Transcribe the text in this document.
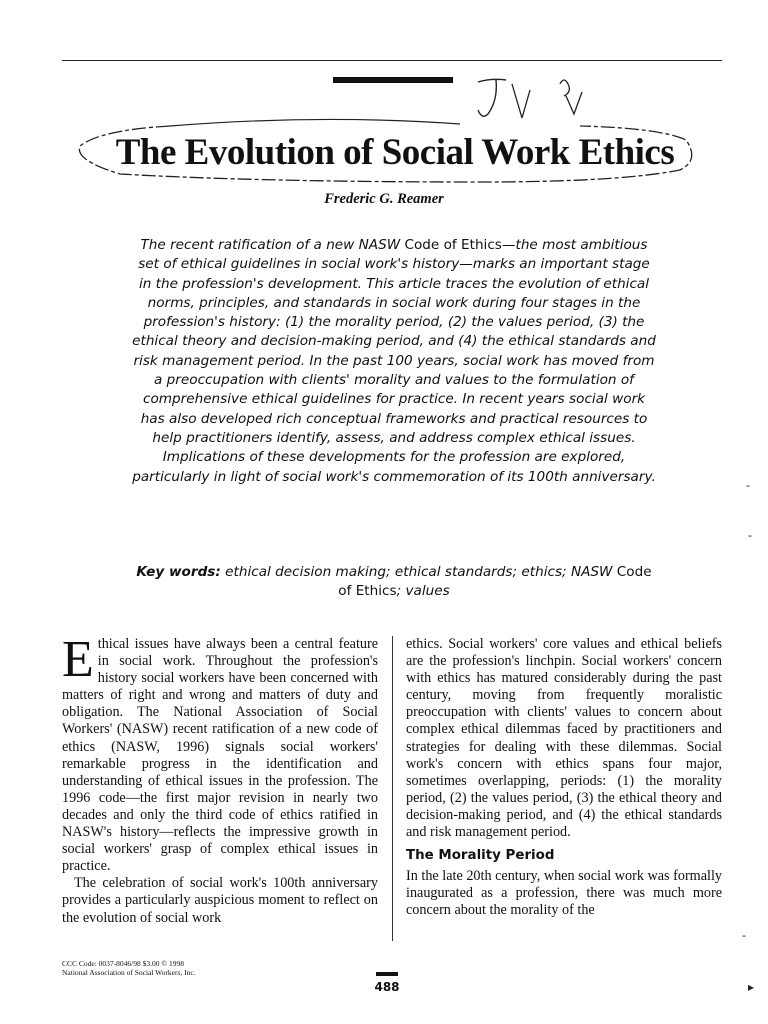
The Evolution of Social Work Ethics
Frederic G. Reamer
The recent ratification of a new NASW Code of Ethics—the most ambitious set of ethical guidelines in social work's history—marks an important stage in the profession's development. This article traces the evolution of ethical norms, principles, and standards in social work during four stages in the profession's history: (1) the morality period, (2) the values period, (3) the ethical theory and decision-making period, and (4) the ethical standards and risk management period. In the past 100 years, social work has moved from a preoccupation with clients' morality and values to the formulation of comprehensive ethical guidelines for practice. In recent years social work has also developed rich conceptual frameworks and practical resources to help practitioners identify, assess, and address complex ethical issues. Implications of these developments for the profession are explored, particularly in light of social work's commemoration of its 100th anniversary.
Key words: ethical decision making; ethical standards; ethics; NASW Code of Ethics; values

Ethical issues have always been a central feature in social work. Throughout the profession's history social workers have been concerned with matters of right and wrong and matters of duty and obligation. The National Association of Social Workers' (NASW) recent ratification of a new code of ethics (NASW, 1996) signals social workers' remarkable progress in the identification and understanding of ethical issues in the profession. The 1996 code—the first major revision in nearly two decades and only the third code of ethics ratified in NASW's history—reflects the impressive growth in social workers' grasp of complex ethical issues in practice.

The celebration of social work's 100th anniversary provides a particularly auspicious moment to reflect on the evolution of social work

ethics. Social workers' core values and ethical beliefs are the profession's linchpin. Social workers' concern with ethics has matured considerably during the past century, moving from frequently moralistic preoccupation with clients' values to concern about complex ethical dilemmas faced by practitioners and strategies for dealing with these dilemmas. Social work's concern with ethics spans four major, sometimes overlapping, periods: (1) the morality period, (2) the values period, (3) the ethical theory and decision-making period, and (4) the ethical standards and risk management period.

The Morality Period

In the late 20th century, when social work was formally inaugurated as a profession, there was much more concern about the morality of the

-
-
-
▸
CCC Code: 0037-8046/98 $3.00 © 1998
National Association of Social Workers, Inc.
488
